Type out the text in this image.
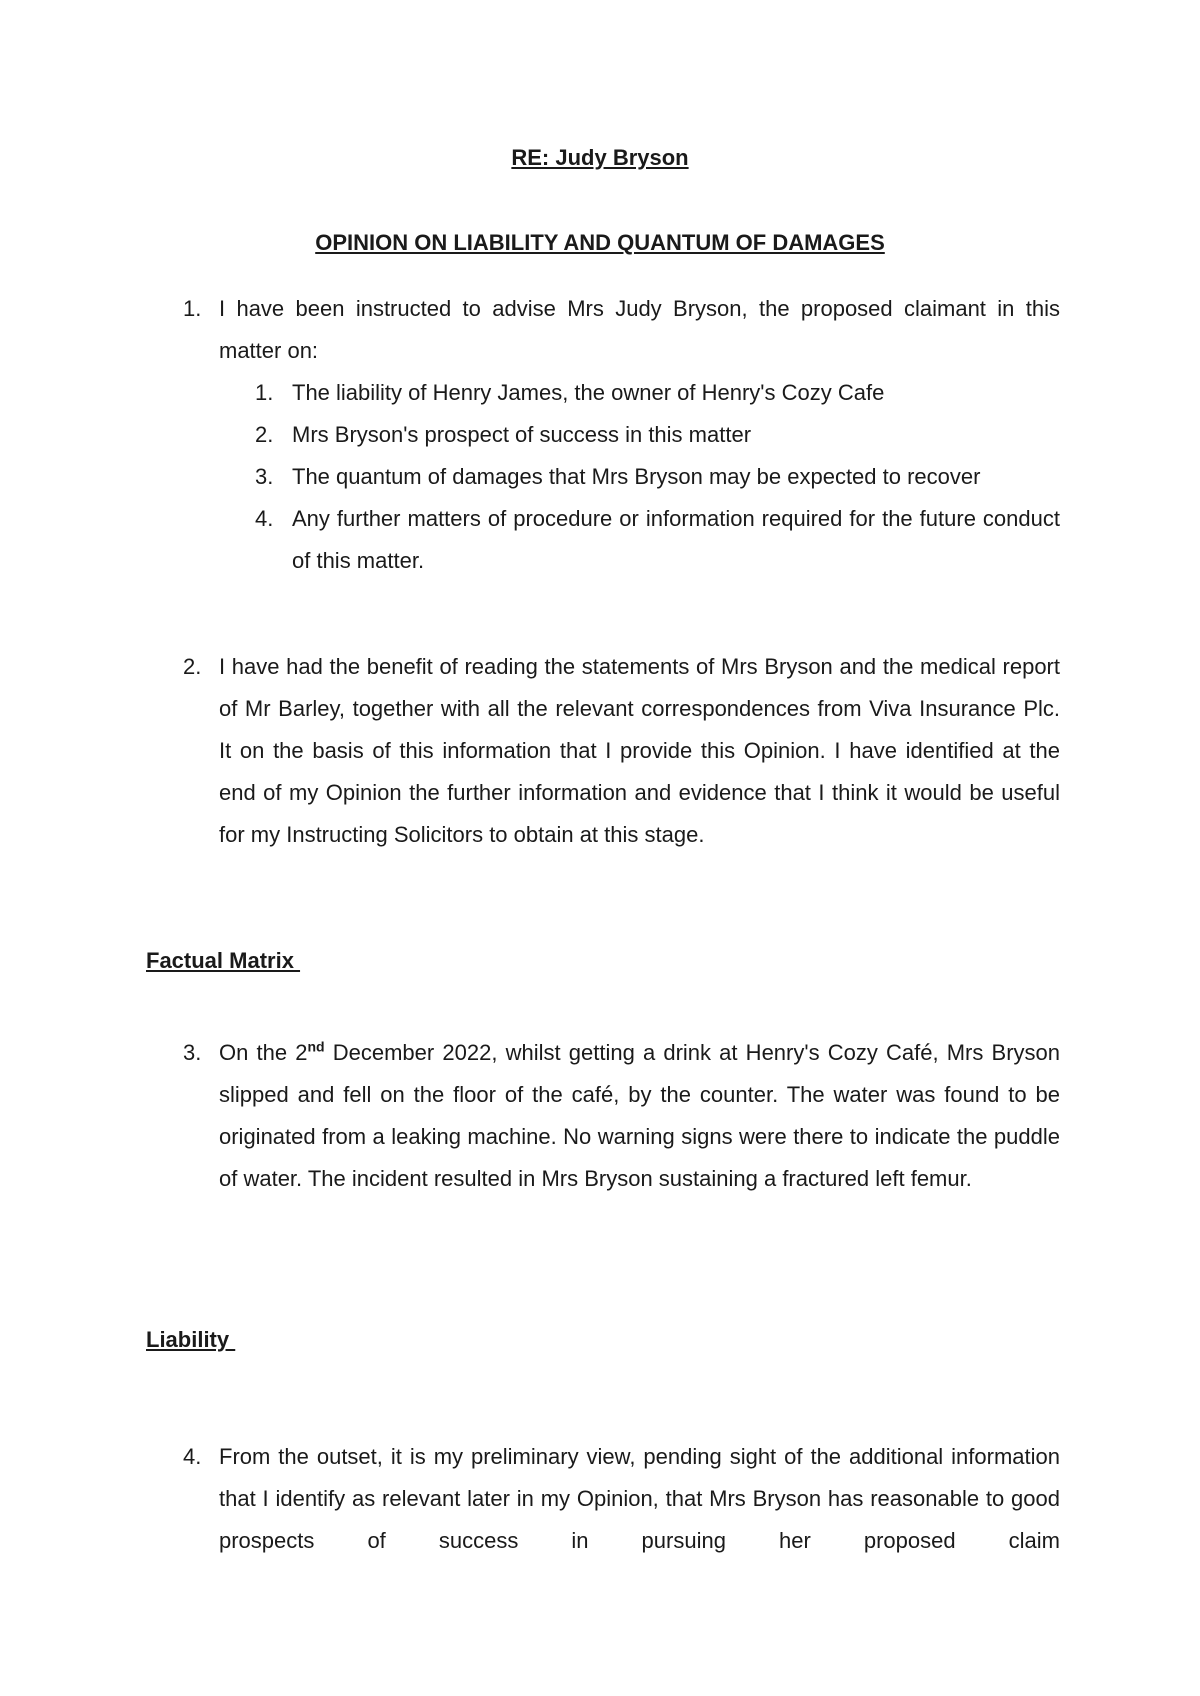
RE: Judy Bryson
OPINION ON LIABILITY AND QUANTUM OF DAMAGES
1. I have been instructed to advise Mrs Judy Bryson, the proposed claimant in this matter on:
1. The liability of Henry James, the owner of Henry's Cozy Cafe
2. Mrs Bryson's prospect of success in this matter
3. The quantum of damages that Mrs Bryson may be expected to recover
4. Any further matters of procedure or information required for the future conduct of this matter.
2. I have had the benefit of reading the statements of Mrs Bryson and the medical report of Mr Barley, together with all the relevant correspondences from Viva Insurance Plc. It on the basis of this information that I provide this Opinion. I have identified at the end of my Opinion the further information and evidence that I think it would be useful for my Instructing Solicitors to obtain at this stage.
Factual Matrix
3. On the 2nd December 2022, whilst getting a drink at Henry's Cozy Café, Mrs Bryson slipped and fell on the floor of the café, by the counter. The water was found to be originated from a leaking machine. No warning signs were there to indicate the puddle of water. The incident resulted in Mrs Bryson sustaining a fractured left femur.
Liability
4. From the outset, it is my preliminary view, pending sight of the additional information that I identify as relevant later in my Opinion, that Mrs Bryson has reasonable to good prospects of success in pursuing her proposed claim
